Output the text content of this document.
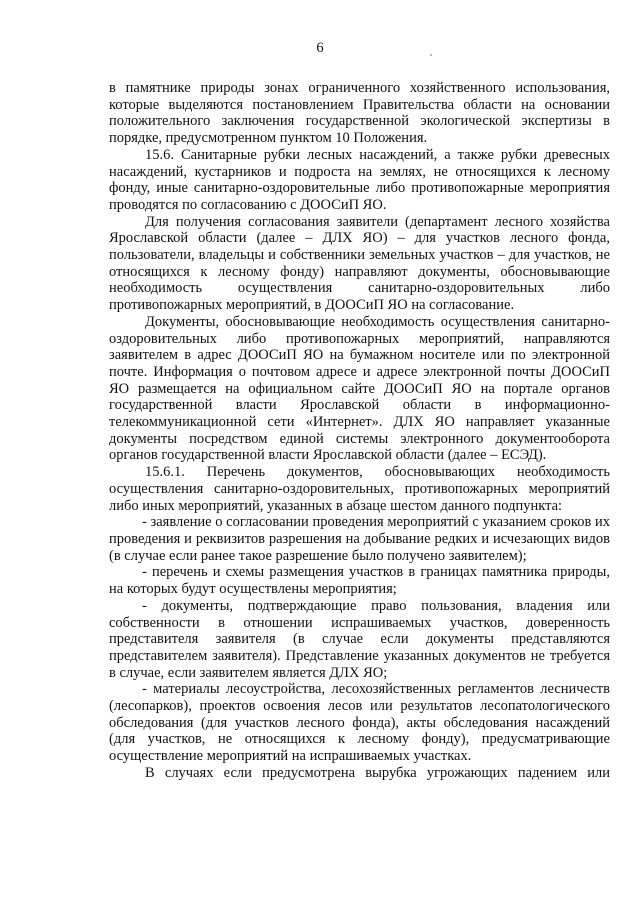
6

в памятнике природы зонах ограниченного хозяйственного использования, которые выделяются постановлением Правительства области на основании положительного заключения государственной экологической экспертизы в порядке, предусмотренном пунктом 10 Положения.

15.6. Санитарные рубки лесных насаждений, а также рубки древесных насаждений, кустарников и подроста на землях, не относящихся к лесному фонду, иные санитарно-оздоровительные либо противопожарные мероприятия проводятся по согласованию с ДООСиП ЯО.

Для получения согласования заявители (департамент лесного хозяйства Ярославской области (далее – ДЛХ ЯО) – для участков лесного фонда, пользователи, владельцы и собственники земельных участков – для участков, не относящихся к лесному фонду) направляют документы, обосновывающие необходимость осуществления санитарно-оздоровительных либо противопожарных мероприятий, в ДООСиП ЯО на согласование.

Документы, обосновывающие необходимость осуществления санитарно-оздоровительных либо противопожарных мероприятий, направляются заявителем в адрес ДООСиП ЯО на бумажном носителе или по электронной почте. Информация о почтовом адресе и адресе электронной почты ДООСиП ЯО размещается на официальном сайте ДООСиП ЯО на портале органов государственной власти Ярославской области в информационно-телекоммуникационной сети «Интернет». ДЛХ ЯО направляет указанные документы посредством единой системы электронного документооборота органов государственной власти Ярославской области (далее – ЕСЭД).

15.6.1. Перечень документов, обосновывающих необходимость осуществления санитарно-оздоровительных, противопожарных мероприятий либо иных мероприятий, указанных в абзаце шестом данного подпункта:

- заявление о согласовании проведения мероприятий с указанием сроков их проведения и реквизитов разрешения на добывание редких и исчезающих видов (в случае если ранее такое разрешение было получено заявителем);

- перечень и схемы размещения участков в границах памятника природы, на которых будут осуществлены мероприятия;

- документы, подтверждающие право пользования, владения или собственности в отношении испрашиваемых участков, доверенность представителя заявителя (в случае если документы представляются представителем заявителя). Представление указанных документов не требуется в случае, если заявителем является ДЛХ ЯО;

- материалы лесоустройства, лесохозяйственных регламентов лесничеств (лесопарков), проектов освоения лесов или результатов лесопатологического обследования (для участков лесного фонда), акты обследования насаждений (для участков, не относящихся к лесному фонду), предусматривающие осуществление мероприятий на испрашиваемых участках.

В случаях если предусмотрена вырубка угрожающих падением или
